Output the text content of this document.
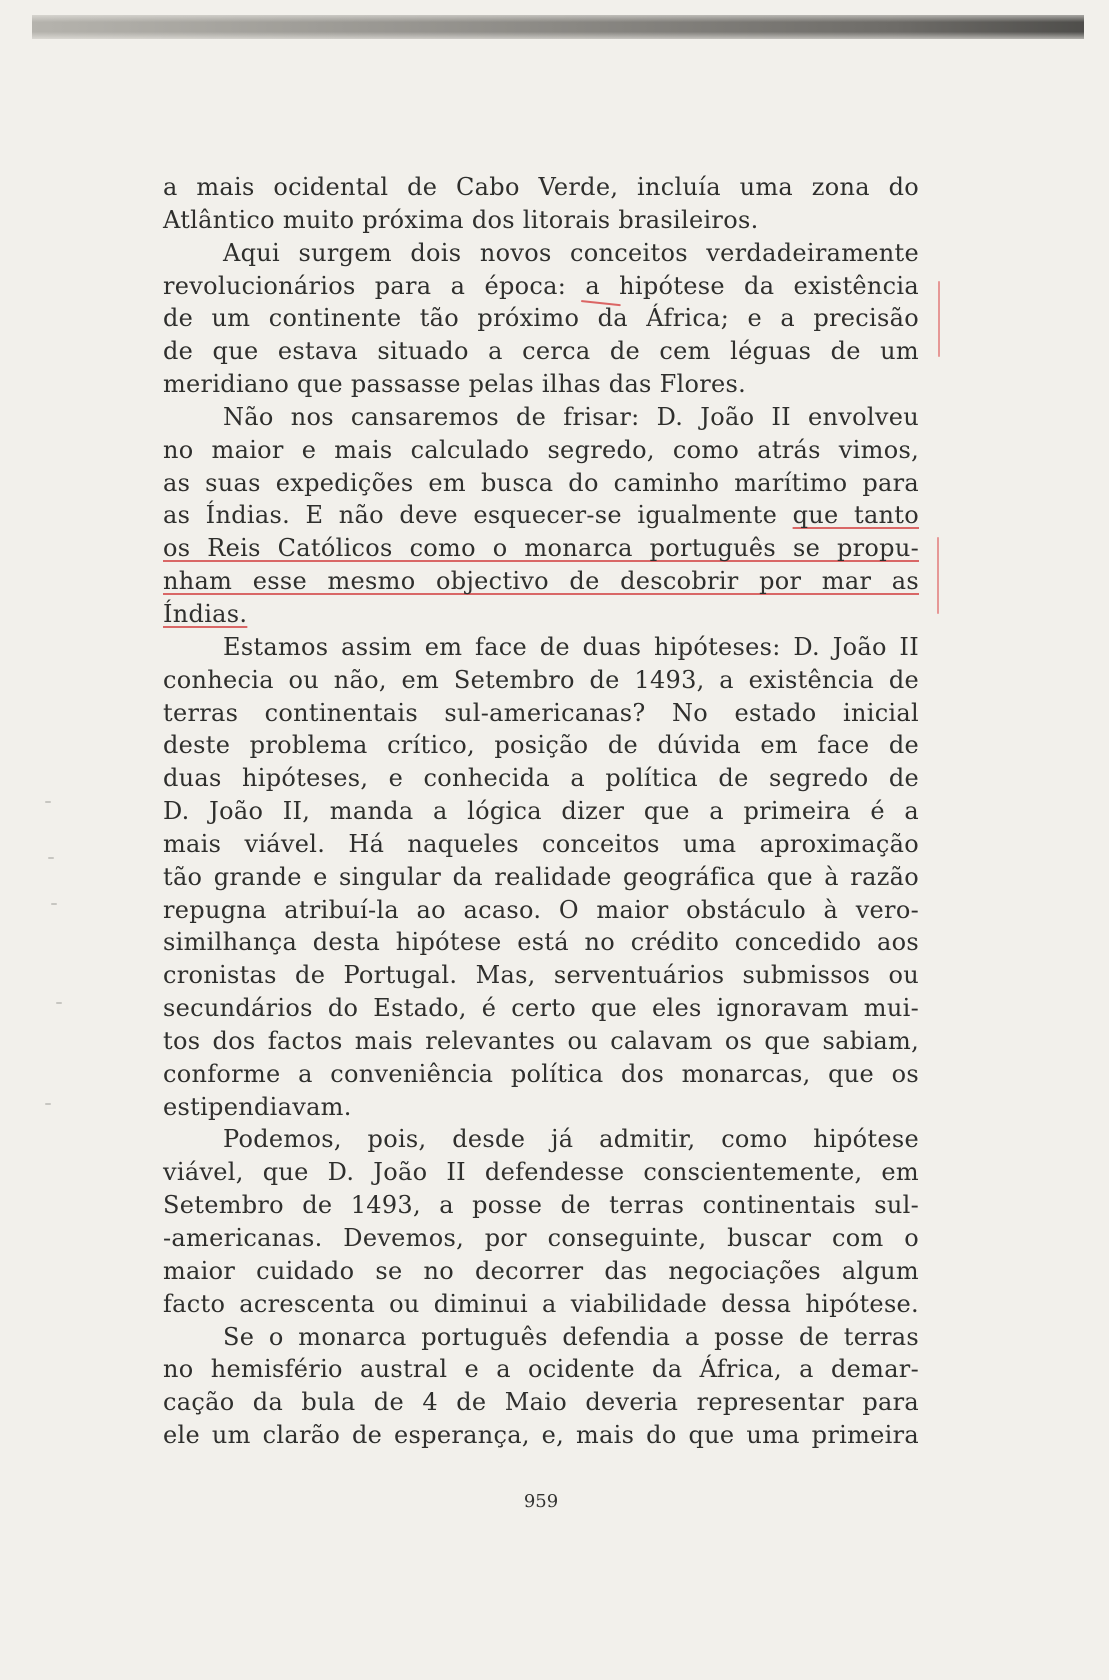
a mais ocidental de Cabo Verde, incluía uma zona do
Atlântico muito próxima dos litorais brasileiros.
Aqui surgem dois novos conceitos verdadeiramente
revolucionários para a época: a hipótese da existência
de um continente tão próximo da África; e a precisão
de que estava situado a cerca de cem léguas de um
meridiano que passasse pelas ilhas das Flores.
Não nos cansaremos de frisar: D. João II envolveu
no maior e mais calculado segredo, como atrás vimos,
as suas expedições em busca do caminho marítimo para
as Índias. E não deve esquecer-se igualmente que tanto
os Reis Católicos como o monarca português se propu-
nham esse mesmo objectivo de descobrir por mar as
Índias.
Estamos assim em face de duas hipóteses: D. João II
conhecia ou não, em Setembro de 1493, a existência de
terras continentais sul-americanas? No estado inicial
deste problema crítico, posição de dúvida em face de
duas hipóteses, e conhecida a política de segredo de
D. João II, manda a lógica dizer que a primeira é a
mais viável. Há naqueles conceitos uma aproximação
tão grande e singular da realidade geográfica que à razão
repugna atribuí-la ao acaso. O maior obstáculo à vero-
similhança desta hipótese está no crédito concedido aos
cronistas de Portugal. Mas, serventuários submissos ou
secundários do Estado, é certo que eles ignoravam mui-
tos dos factos mais relevantes ou calavam os que sabiam,
conforme a conveniência política dos monarcas, que os
estipendiavam.
Podemos, pois, desde já admitir, como hipótese
viável, que D. João II defendesse conscientemente, em
Setembro de 1493, a posse de terras continentais sul-
-americanas. Devemos, por conseguinte, buscar com o
maior cuidado se no decorrer das negociações algum
facto acrescenta ou diminui a viabilidade dessa hipótese.
Se o monarca português defendia a posse de terras
no hemisfério austral e a ocidente da África, a demar-
cação da bula de 4 de Maio deveria representar para
ele um clarão de esperança, e, mais do que uma primeira
959
